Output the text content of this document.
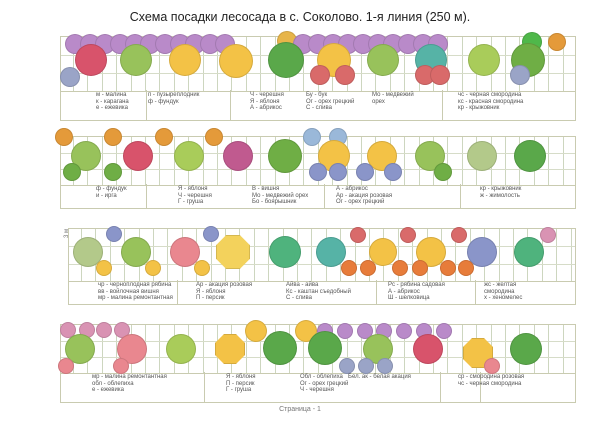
Схема посадки лесосада в с. Соколово. 1-я линия (250 м).
3 м
м - малина
к - карагана
е - ежевика
п - пузыреплодник
ф - фундук
Ч - черешня
Я - яблоня
А - абрикос
Бу - бук
Ог - орех грецкий
С - слива
Мо - медвежий
орех
чс - черная смородина
кс - красная смородина
кр - крыжовник
ф - фундук
и - ирга
Я - яблоня
Ч - черешня
Г - груша
В - вишня
Мо - медвежий орех
Бо - боярышник
А - абрикос
Ар - акация розовая
Ог - орех грецкий
кр - крыжовник
ж - жимолость
чр - черноплодная рябина
вв - войлочная вишня
мр - малина ремонтантная
Ар - акация розовая
Я - яблоня
П - персик
Айва - айва
Кс - каштан съедобный
С - слива
Рс - рябина садовая
А - абрикос
Ш - шелковица
жс - желтая
смородина
х - хеномелес
мр - малина ремонтантная
обл - облепиха
е - ежевика
Я - яблоня
П - персик
Г - груша
Обл - облепиха
Ог - орех грецкий
Ч - черешня
Бел. ак - белая акация	ср - смородина розовая
чс - черная смородина
Страница - 1
